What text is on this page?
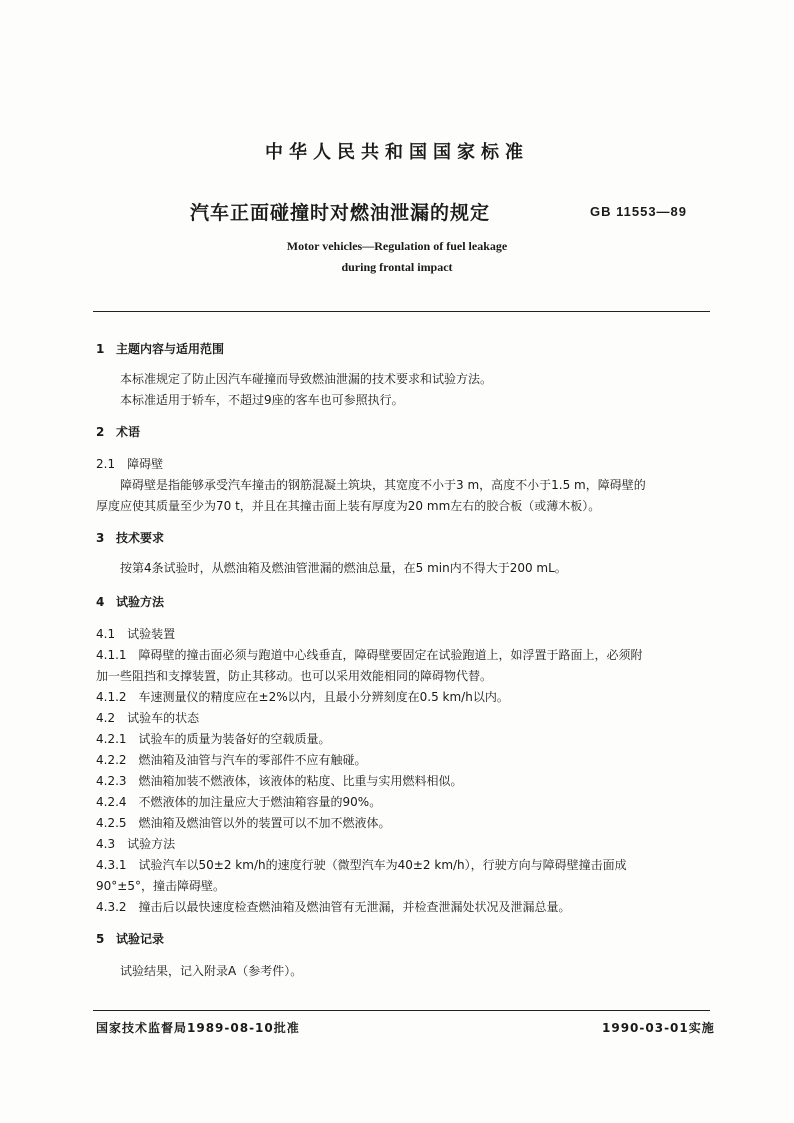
中华人民共和国国家标准
汽车正面碰撞时对燃油泄漏的规定	GB 11553—89
Motor vehicles—Regulation of fuel leakage
during frontal impact
1 主题内容与适用范围
本标准规定了防止因汽车碰撞而导致燃油泄漏的技术要求和试验方法。
本标准适用于轿车，不超过9座的客车也可参照执行。
2 术语
2.1　障碍壁
障碍壁是指能够承受汽车撞击的钢筋混凝土筑块，其宽度不小于3 m，高度不小于1.5 m，障碍壁的
厚度应使其质量至少为70 t，并且在其撞击面上装有厚度为20 mm左右的胶合板（或薄木板）。
3 技术要求
按第4条试验时，从燃油箱及燃油管泄漏的燃油总量，在5 min内不得大于200 mL。
4 试验方法
4.1　试验装置
4.1.1　障碍壁的撞击面必须与跑道中心线垂直，障碍壁要固定在试验跑道上，如浮置于路面上，必须附
加一些阻挡和支撑装置，防止其移动。也可以采用效能相同的障碍物代替。
4.1.2　车速测量仪的精度应在±2%以内，且最小分辨刻度在0.5 km/h以内。
4.2　试验车的状态
4.2.1　试验车的质量为装备好的空载质量。
4.2.2　燃油箱及油管与汽车的零部件不应有触碰。
4.2.3　燃油箱加装不燃液体，该液体的粘度、比重与实用燃料相似。
4.2.4　不燃液体的加注量应大于燃油箱容量的90%。
4.2.5　燃油箱及燃油管以外的装置可以不加不燃液体。
4.3　试验方法
4.3.1　试验汽车以50±2 km/h的速度行驶（微型汽车为40±2 km/h），行驶方向与障碍壁撞击面成
90°±5°，撞击障碍壁。
4.3.2　撞击后以最快速度检查燃油箱及燃油管有无泄漏，并检查泄漏处状况及泄漏总量。
5 试验记录
试验结果，记入附录A（参考件）。
国家技术监督局1989-08-10批准	1990-03-01实施
